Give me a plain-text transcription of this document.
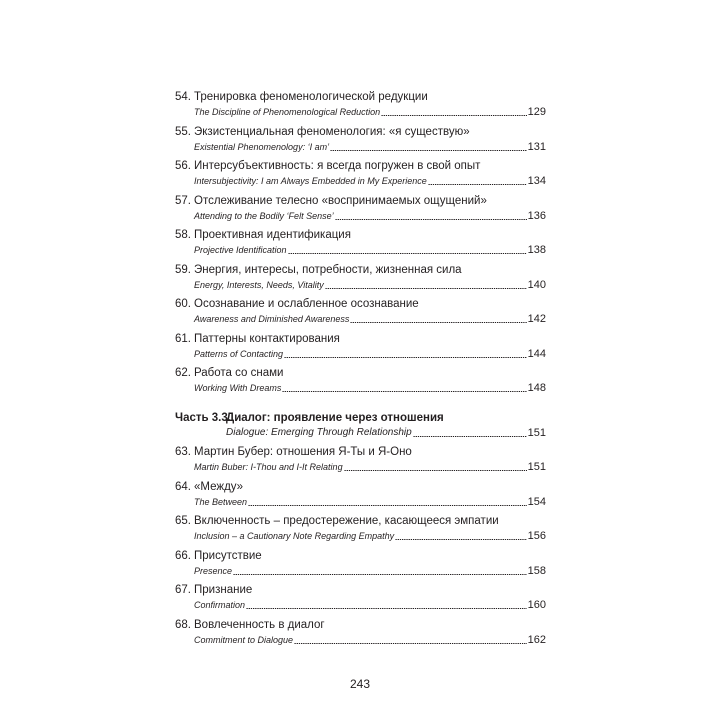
54. Тренировка феноменологической редукции
The Discipline of Phenomenological Reduction	129
55. Экзистенциальная феноменология: «я существую»
Existential Phenomenology: ‘I am’	131
56. Интерсубъективность: я всегда погружен в свой опыт
Intersubjectivity: I am Always Embedded in My Experience	134
57. Отслеживание телесно «воспринимаемых ощущений»
Attending to the Bodily ‘Felt Sense’	136
58. Проективная идентификация
Projective Identification	138
59. Энергия, интересы, потребности, жизненная сила
Energy, Interests, Needs, Vitality	140
60. Осознавание и ослабленное осознавание
Awareness and Diminished Awareness	142
61. Паттерны контактирования
Patterns of Contacting	144
62. Работа со снами
Working With Dreams	148
Часть 3.3.Диалог: проявление через отношения
Dialogue: Emerging Through Relationship	151
63. Мартин Бубер: отношения Я-Ты и Я-Оно
Martin Buber: I-Thou and I-It Relating	151
64. «Между»
The Between	154
65. Включенность – предостережение, касающееся эмпатии
Inclusion – a Cautionary Note Regarding Empathy	156
66. Присутствие
Presence	158
67. Признание
Confirmation	160
68. Вовлеченность в диалог
Commitment to Dialogue	162
243
